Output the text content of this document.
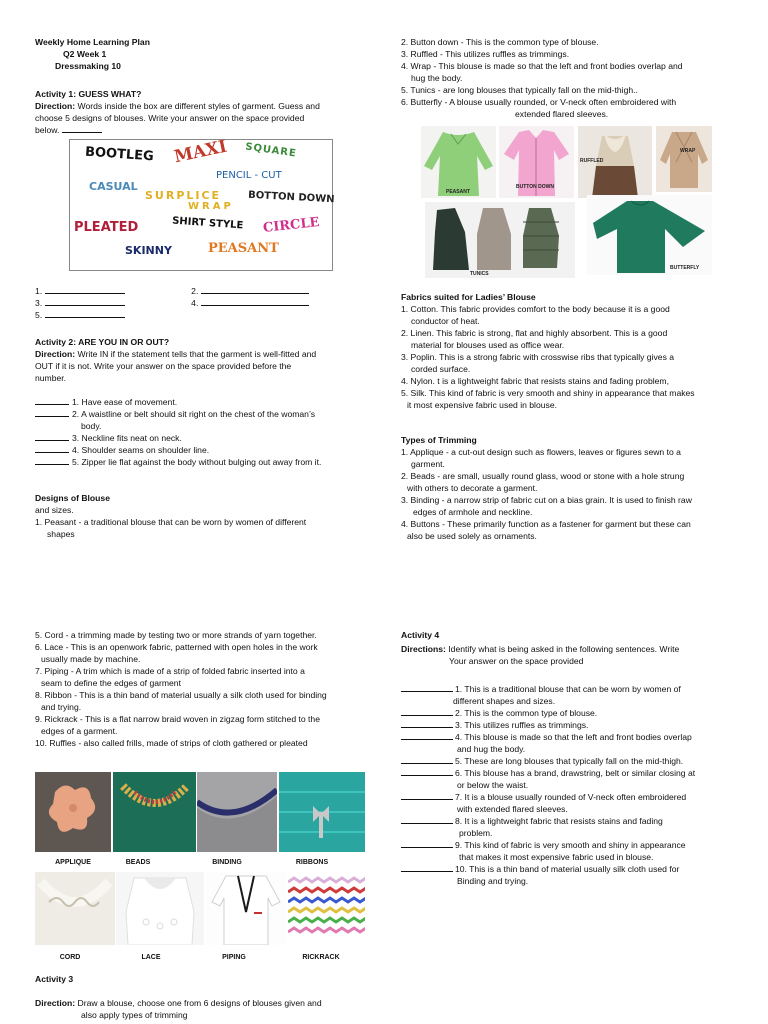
Weekly Home Learning Plan

Q2 Week 1

Dressmaking 10

Activity 1: GUESS WHAT?

Direction: Words inside the box are different styles of garment. Guess and

choose 5 designs of blouses. Write your answer on the space provided

below.

BOOTLEG MAXI SQUARE
PENCIL - CUT
CASUAL
SURPLICE
WRAP
BOTTON DOWN
PLEATED	SHIRT STYLE CIRCLE
SKINNY	PEASANT

1.	2.

3.	4.

5.

Activity 2: ARE YOU IN OR OUT?

Direction: Write IN if the statement tells that the garment is well-fitted and

OUT if it is not. Write your answer on the space provided before the

number.

1. Have ease of movement.

2. A waistline or belt should sit right on the chest of the woman’s

body.

3. Neckline fits neat on neck.

4. Shoulder seams on shoulder line.

5. Zipper lie flat against the body without bulging out away from it.

Designs of Blouse

and sizes.

1. Peasant - a traditional blouse that can be worn by women of different

shapes

2. Button down - This is the common type of blouse.

3. Ruffled - This utilizes ruffles as trimmings.

4. Wrap - This blouse is made so that the left and front bodies overlap and

hug the body.

5. Tunics - are long blouses that typically fall on the mid-thigh..

6. Butterfly - A blouse usually rounded, or V-neck often embroidered with

extended flared sleeves.

PEASANT
BUTTON DOWN
RUFFLED
WRAP
TUNICS
BUTTERFLY

Fabrics suited for Ladies’ Blouse

1. Cotton. This fabric provides comfort to the body because it is a good

conductor of heat.

2. Linen. This fabric is strong, flat and highly absorbent. This is a good

material for blouses used as office wear.

3. Poplin. This is a strong fabric with crosswise ribs that typically gives a

corded surface.

4. Nylon. t is a lightweight fabric that resists stains and fading problem,

5. Silk. This kind of fabric is very smooth and shiny in appearance that makes

it most expensive fabric used in blouse.

Types of Trimming

1. Applique - a cut-out design such as flowers, leaves or figures sewn to a

garment.

2. Beads - are small, usually round glass, wood or stone with a hole strung

with others to decorate a garment.

3. Binding - a narrow strip of fabric cut on a bias grain. It is used to finish raw

edges of armhole and neckline.

4. Buttons - These primarily function as a fastener for garment but these can

also be used solely as ornaments.

5. Cord - a trimming made by testing two or more strands of yarn together.

6. Lace - This is an openwork fabric, patterned with open holes in the work

usually made by machine.

7. Piping - A trim which is made of a strip of folded fabric inserted into a

seam to define the edges of garment

8. Ribbon - This is a thin band of material usually a silk cloth used for binding

and trying.

9. Rickrack - This is a flat narrow braid woven in zigzag form stitched to the

edges of a garment.

10. Ruffles - also called frills, made of strips of cloth gathered or pleated

APPLIQUE	BEADS	BINDING	RIBBONS
CORD	LACE	PIPING	RICKRACK

Activity 3

Direction: Draw a blouse, choose one from 6 designs of blouses given and

also apply types of trimming

Activity 4

Directions: Identify what is being asked in the following sentences. Write

Your answer on the space provided

1. This is a traditional blouse that can be worn by women of

different shapes and sizes.

2. This is the common type of blouse.

3. This utilizes ruffles as trimmings.

4. This blouse is made so that the left and front bodies overlap

and hug the body.

5. These are long blouses that typically fall on the mid-thigh.

6. This blouse has a brand, drawstring, belt or similar closing at

or below the waist.

7. It is a blouse usually rounded of V-neck often embroidered

with extended flared sleeves.

8. It is a lightweight fabric that resists stains and fading

problem.

9. This kind of fabric is very smooth and shiny in appearance

that makes it most expensive fabric used in blouse.

10. This is a thin band of material usually silk cloth used for

Binding and trying.
